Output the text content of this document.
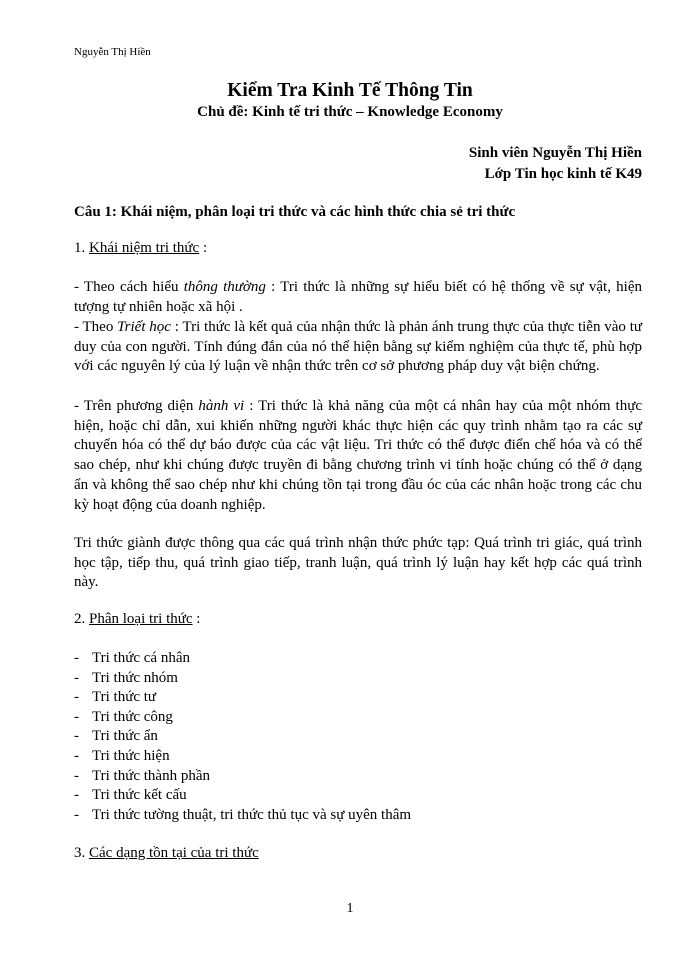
Nguyễn Thị Hiền
Kiểm Tra Kinh Tế Thông Tin
Chủ đề: Kinh tế tri thức – Knowledge Economy
Sinh viên Nguyễn Thị Hiền
Lớp Tin học kinh tế K49
Câu 1: Khái niệm, phân loại tri thức và các hình thức chia sẻ tri thức
1. Khái niệm tri thức :

- Theo cách hiểu thông thường : Tri thức là những sự hiểu biết có hệ thống về sự vật, hiện tượng tự nhiên hoặc xã hội .

- Theo Triết học : Tri thức là kết quả của nhận thức là phản ánh trung thực của thực tiễn vào tư duy của con người. Tính đúng đắn của nó thể hiện bằng sự kiểm nghiệm của thực tế, phù hợp với các nguyên lý của lý luận về nhận thức trên cơ sở phương pháp duy vật biện chứng.

- Trên phương diện hành vi : Tri thức là khả năng của một cá nhân hay của một nhóm thực hiện, hoặc chỉ dẫn, xui khiến những người khác thực hiện các quy trình nhằm tạo ra các sự chuyển hóa có thể dự báo được của các vật liệu. Tri thức có thể được điển chế hóa và có thể sao chép, như khi chúng được truyền đi bằng chương trình vi tính hoặc chúng có thể ở dạng ẩn và không thể sao chép như khi chúng tồn tại trong đầu óc của các nhân hoặc trong các chu kỳ hoạt động của doanh nghiệp.

Tri thức giành được thông qua các quá trình nhận thức phức tạp: Quá trình tri giác, quá trình học tập, tiếp thu, quá trình giao tiếp, tranh luận, quá trình lý luận hay kết hợp các quá trình này.

2. Phân loại tri thức :
- Tri thức cá nhân
- Tri thức nhóm
- Tri thức tư
- Tri thức công
- Tri thức ẩn
- Tri thức hiện
- Tri thức thành phần
- Tri thức kết cấu
- Tri thức tường thuật, tri thức thủ tục và sự uyên thâm
3. Các dạng tồn tại của tri thức
1
